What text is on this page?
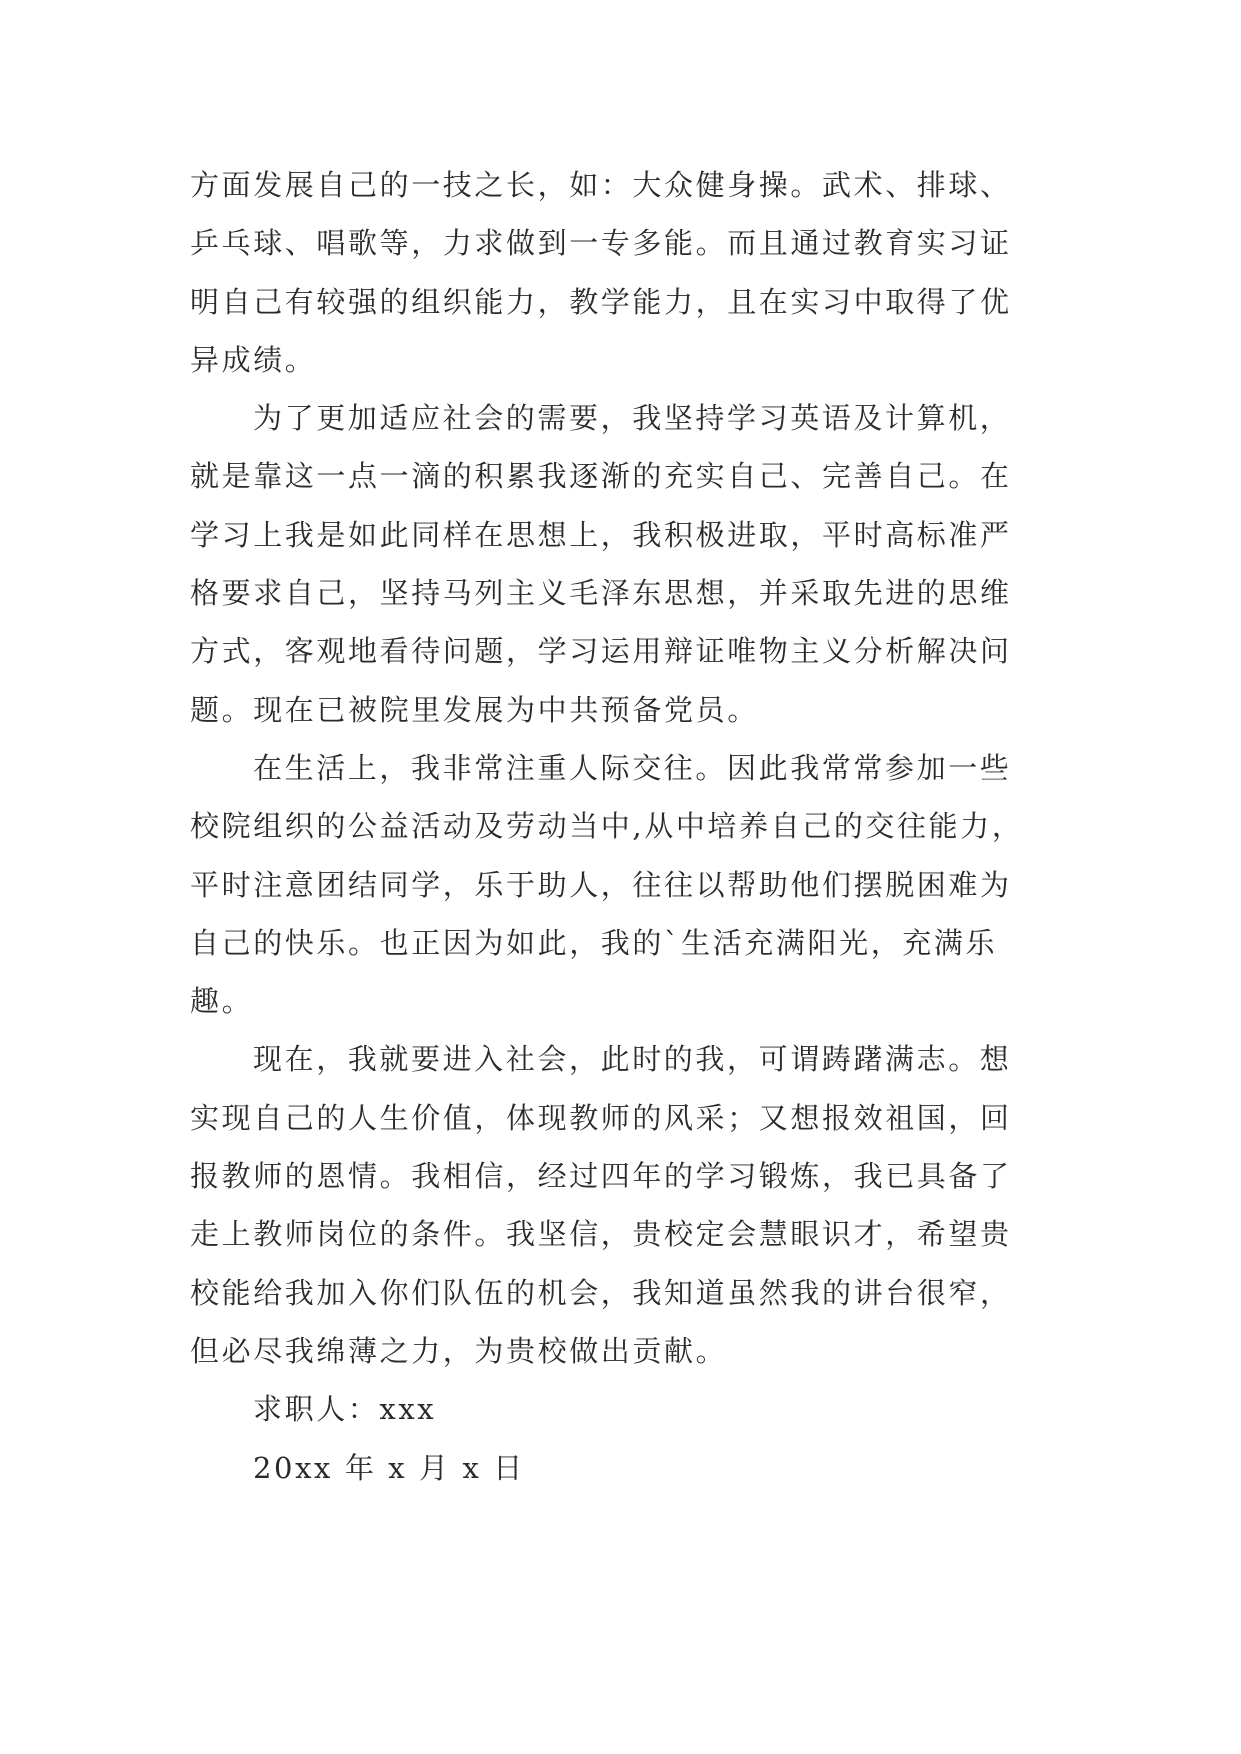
方面发展自己的一技之长，如：大众健身操。武术、排球、
乒乓球、唱歌等，力求做到一专多能。而且通过教育实习证
明自己有较强的组织能力，教学能力，且在实习中取得了优
异成绩。
为了更加适应社会的需要，我坚持学习英语及计算机，
就是靠这一点一滴的积累我逐渐的充实自己、完善自己。在
学习上我是如此同样在思想上，我积极进取，平时高标准严
格要求自己，坚持马列主义毛泽东思想，并采取先进的思维
方式，客观地看待问题，学习运用辩证唯物主义分析解决问
题。现在已被院里发展为中共预备党员。
在生活上，我非常注重人际交往。因此我常常参加一些
校院组织的公益活动及劳动当中,从中培养自己的交往能力，
平时注意团结同学，乐于助人，往往以帮助他们摆脱困难为
自己的快乐。也正因为如此，我的`生活充满阳光，充满乐
趣。
现在，我就要进入社会，此时的我，可谓踌躇满志。想
实现自己的人生价值，体现教师的风采；又想报效祖国，回
报教师的恩情。我相信，经过四年的学习锻炼，我已具备了
走上教师岗位的条件。我坚信，贵校定会慧眼识才，希望贵
校能给我加入你们队伍的机会，我知道虽然我的讲台很窄，
但必尽我绵薄之力，为贵校做出贡献。
求职人：xxx
20xx 年 x 月 x 日
